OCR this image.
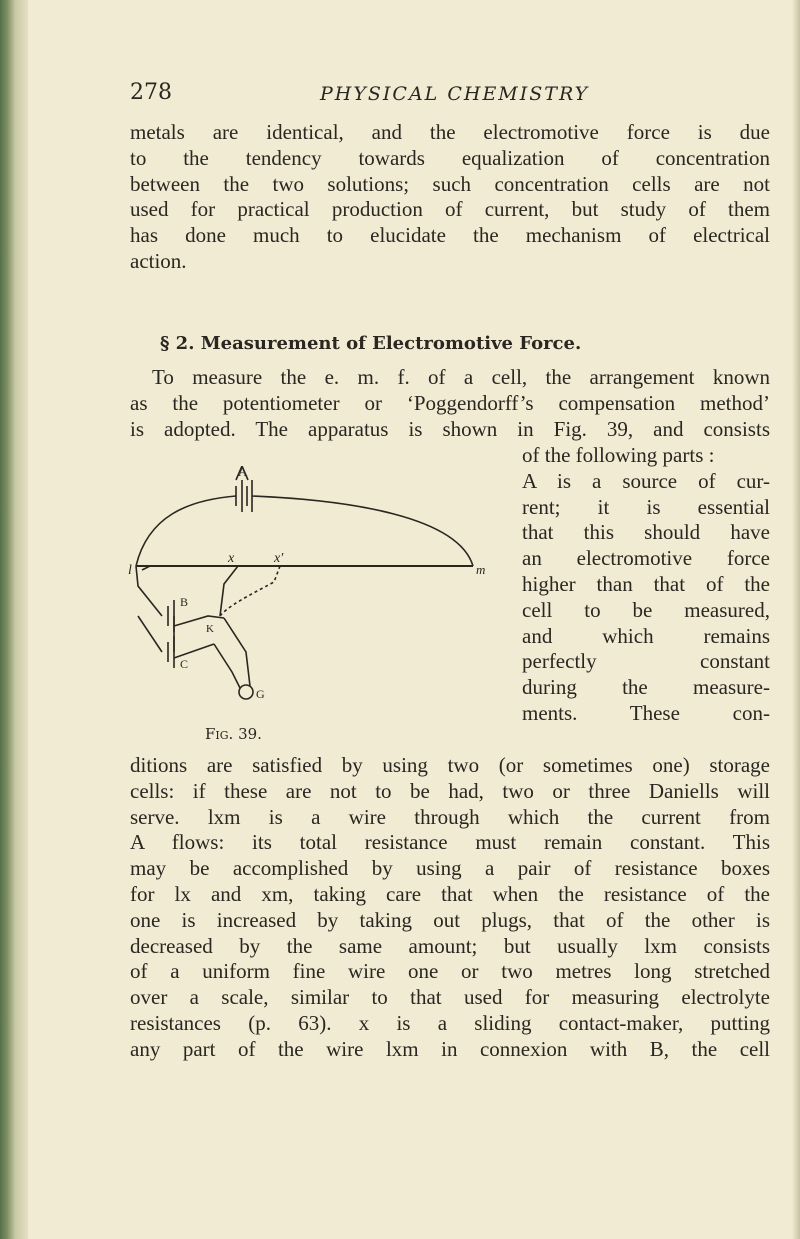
278	PHYSICAL CHEMISTRY
metals are identical, and the electromotive force is due
to the tendency towards equalization of concentration
between the two solutions; such concentration cells are not
used for practical production of current, but study of them
has done much to elucidate the mechanism of electrical
action.
§ 2. Measurement of Electromotive Force.
To measure the e. m. f. of a cell, the arrangement known
as the potentiometer or ‘Poggendorff’s compensation method’
is adopted. The apparatus is shown in Fig. 39, and consists
of the following parts :
A is a source of cur-
rent; it is essential
that this should have
an electromotive force
higher than that of the
cell to be measured,
and which remains
perfectly constant
during the measure-
ments. These con-
A
l
x	x′
m
B
K
C
G
Fig. 39.
ditions are satisfied by using two (or sometimes one) storage
cells: if these are not to be had, two or three Daniells will
serve. lxm is a wire through which the current from
A flows: its total resistance must remain constant. This
may be accomplished by using a pair of resistance boxes
for lx and xm, taking care that when the resistance of the
one is increased by taking out plugs, that of the other is
decreased by the same amount; but usually lxm consists
of a uniform fine wire one or two metres long stretched
over a scale, similar to that used for measuring electrolyte
resistances (p. 63). x is a sliding contact-maker, putting
any part of the wire lxm in connexion with B, the cell
